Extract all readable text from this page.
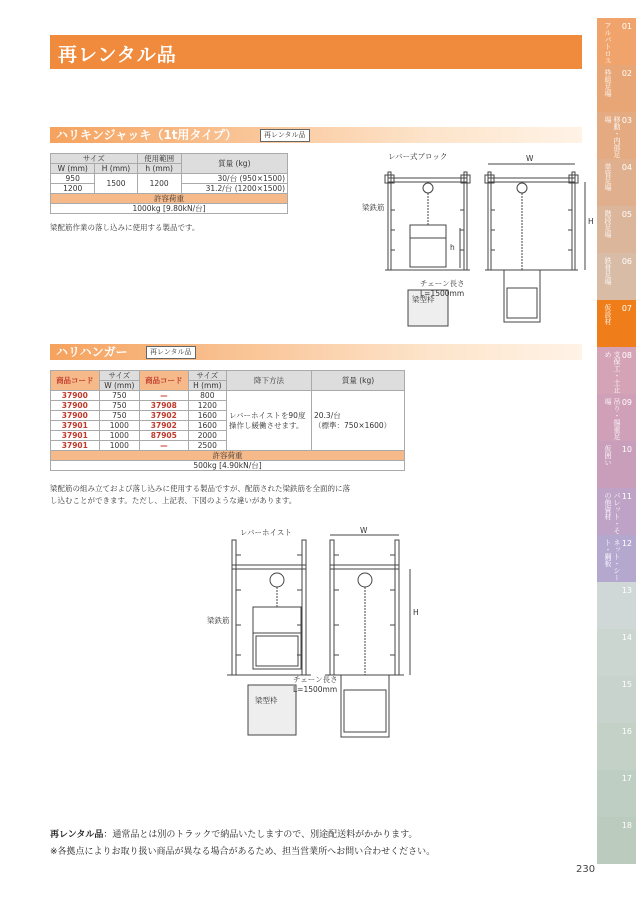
再レンタル品
ハリキンジャッキ（1t用タイプ）	再レンタル品
サイズ		使用範囲	質量 (kg)
W (mm)	H (mm)	h (mm)	
950	1500	1200	30/台 (950×1500)
1200			31.2/台 (1200×1500)
許容荷重			
1000kg [9.80kN/台]			
梁配筋作業の落し込みに使用する製品です。
レバー式ブロック
梁鉄筋
W
H
h
チェーン長さ
L=1500mm
梁型枠
ハリハンガー	再レンタル品
商品コード	サイズ	商品コード	サイズ	降下方法	質量 (kg)
	W (mm)		H (mm)		
37900	750	—	800	レバーホイストを90度操作し緩働させます。	20.3/台
（標準：750×1600）

37900	750	37908	1200		
37900	750	37902	1600		
37901	1000	37902	1600		
37901	1000	87905	2000		
37901	1000	—	2500		
許容荷重					
500kg [4.90kN/台]					
梁配筋の組み立ておよび落し込みに使用する製品ですが、配筋された梁鉄筋を全面的に落
し込むことができます。ただし、上記表、下図のような違いがあります。
レバーホイスト
梁鉄筋
W
H
チェーン長さ
L=1500mm
梁型枠
再レンタル品：通常品とは別のトラックで納品いたしますので、別途配送料がかかります。
※各拠点によりお取り扱い商品が異なる場合があるため、担当営業所へお問い合わせください。
230
01
アルバトロス
02
枠組足場
03
移動・内部足場
04
単管足場
05
階段足場
06
鉄骨足場
07
仮設材
08
支保工・土止め
09
吊り・揚重足場
10
仮囲い
11
パレット・その他資材
12
ネット・シート・鋼板
13
14
15
16
17
18
